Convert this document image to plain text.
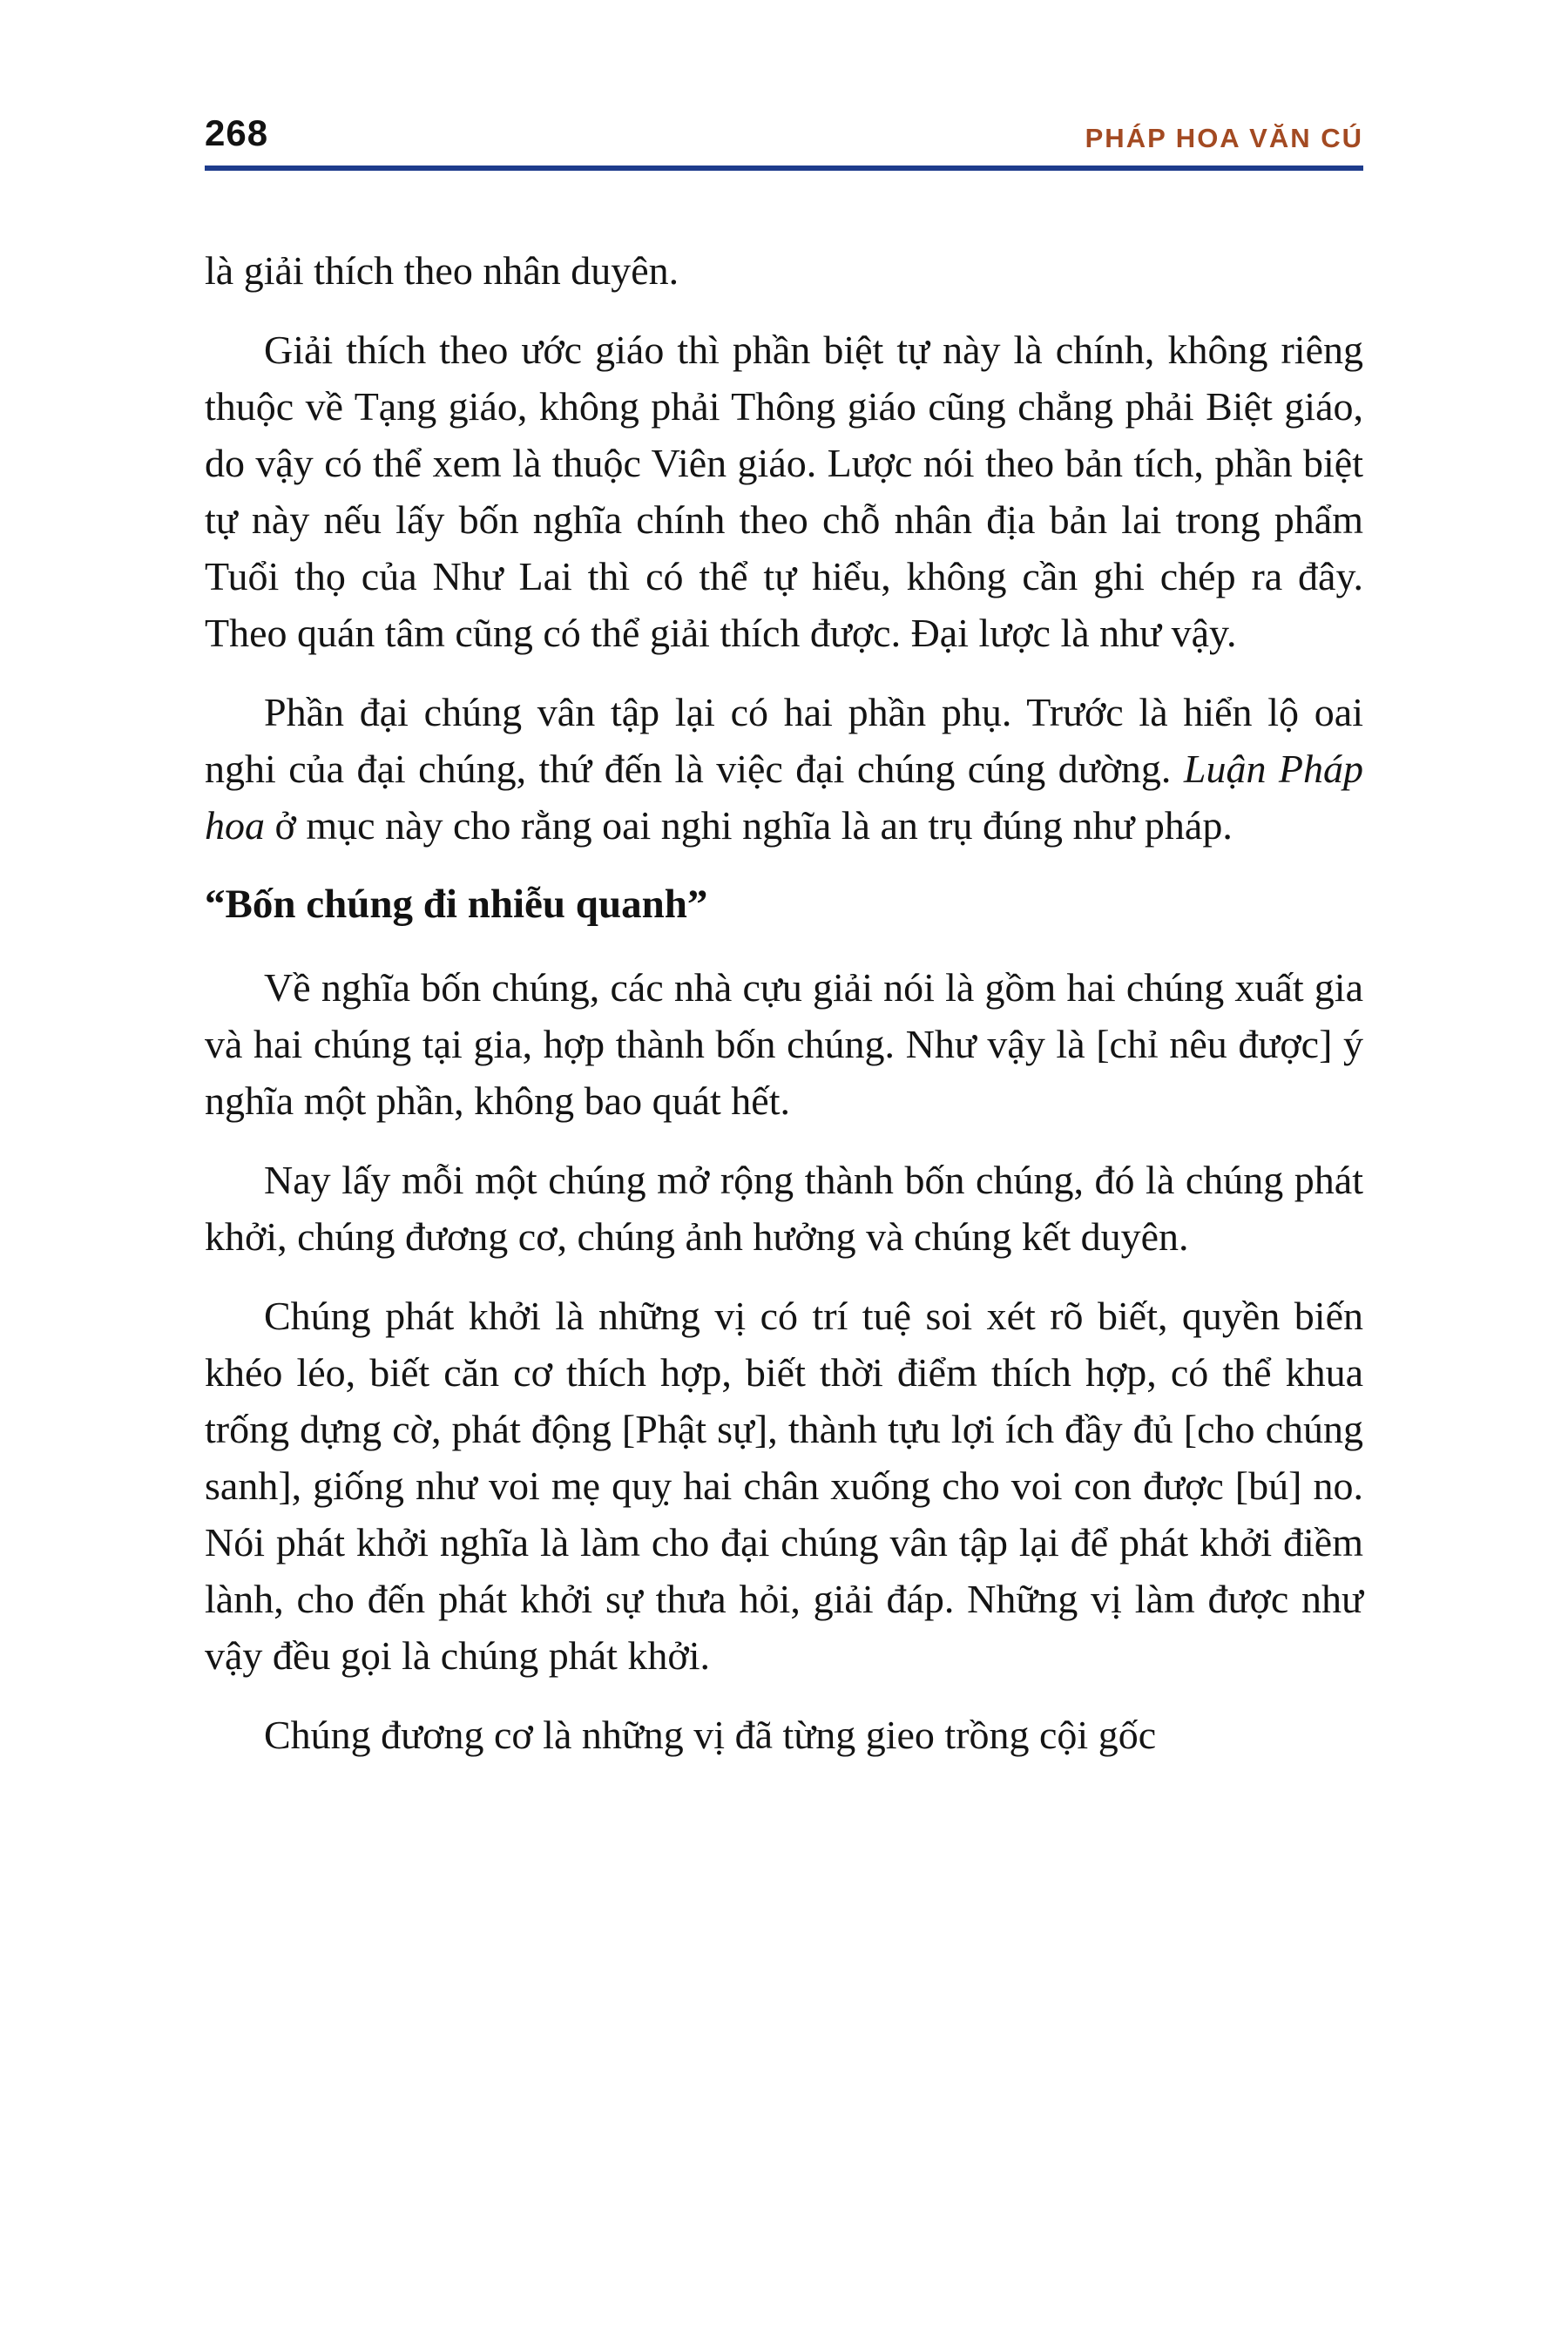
268	PHÁP HOA VĂN CÚ

là giải thích theo nhân duyên.

Giải thích theo ước giáo thì phần biệt tự này là chính, không riêng thuộc về Tạng giáo, không phải Thông giáo cũng chẳng phải Biệt giáo, do vậy có thể xem là thuộc Viên giáo. Lược nói theo bản tích, phần biệt tự này nếu lấy bốn nghĩa chính theo chỗ nhân địa bản lai trong phẩm Tuổi thọ của Như Lai thì có thể tự hiểu, không cần ghi chép ra đây. Theo quán tâm cũng có thể giải thích được. Đại lược là như vậy.

Phần đại chúng vân tập lại có hai phần phụ. Trước là hiển lộ oai nghi của đại chúng, thứ đến là việc đại chúng cúng dường. Luận Pháp hoa ở mục này cho rằng oai nghi nghĩa là an trụ đúng như pháp.

“Bốn chúng đi nhiễu quanh”

Về nghĩa bốn chúng, các nhà cựu giải nói là gồm hai chúng xuất gia và hai chúng tại gia, hợp thành bốn chúng. Như vậy là [chỉ nêu được] ý nghĩa một phần, không bao quát hết.

Nay lấy mỗi một chúng mở rộng thành bốn chúng, đó là chúng phát khởi, chúng đương cơ, chúng ảnh hưởng và chúng kết duyên.

Chúng phát khởi là những vị có trí tuệ soi xét rõ biết, quyền biến khéo léo, biết căn cơ thích hợp, biết thời điểm thích hợp, có thể khua trống dựng cờ, phát động [Phật sự], thành tựu lợi ích đầy đủ [cho chúng sanh], giống như voi mẹ quỵ hai chân xuống cho voi con được [bú] no. Nói phát khởi nghĩa là làm cho đại chúng vân tập lại để phát khởi điềm lành, cho đến phát khởi sự thưa hỏi, giải đáp. Những vị làm được như vậy đều gọi là chúng phát khởi.

Chúng đương cơ là những vị đã từng gieo trồng cội gốc
